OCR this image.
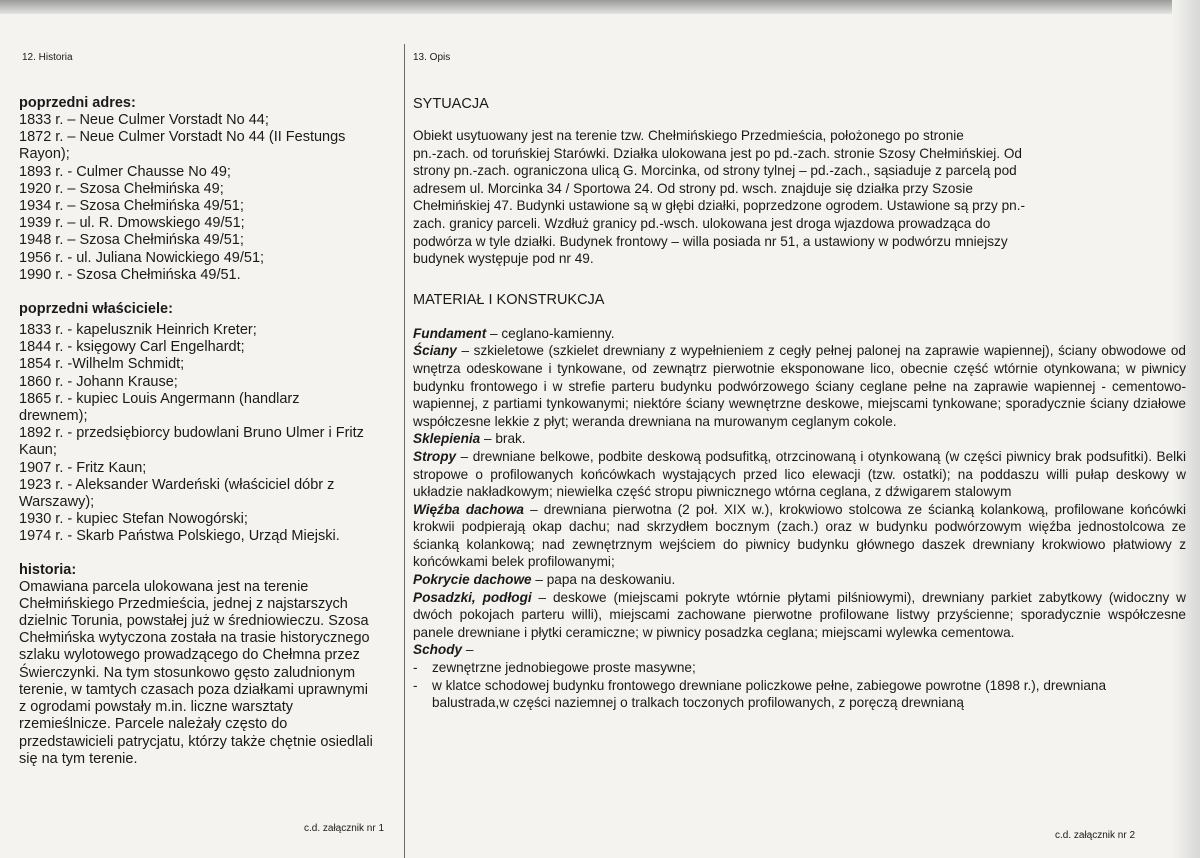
12. Historia
poprzedni adres:
1833 r. – Neue Culmer Vorstadt No 44;
1872 r. – Neue Culmer Vorstadt No 44 (II Festungs
Rayon);
1893 r. - Culmer Chausse No 49;
1920 r. – Szosa Chełmińska 49;
1934 r. – Szosa Chełmińska 49/51;
1939 r. – ul. R. Dmowskiego 49/51;
1948 r. – Szosa Chełmińska 49/51;
1956 r. - ul. Juliana Nowickiego 49/51;
1990 r. - Szosa Chełmińska 49/51.
poprzedni właściciele:
1833 r. - kapelusznik Heinrich Kreter;
1844 r. - księgowy Carl Engelhardt;
1854 r. -Wilhelm Schmidt;
1860 r. - Johann Krause;
1865 r. - kupiec Louis Angermann (handlarz
drewnem);
1892 r. - przedsiębiorcy budowlani Bruno Ulmer i Fritz
Kaun;
1907 r. - Fritz Kaun;
1923 r. - Aleksander Wardeński (właściciel dóbr z
Warszawy);
1930 r. - kupiec Stefan Nowogórski;
1974 r. - Skarb Państwa Polskiego, Urząd Miejski.
historia:
Omawiana parcela ulokowana jest na terenie
Chełmińskiego Przedmieścia, jednej z najstarszych
dzielnic Torunia, powstałej już w średniowieczu. Szosa
Chełmińska wytyczona została na trasie historycznego
szlaku wylotowego prowadzącego do Chełmna przez
Świerczynki. Na tym stosunkowo gęsto zaludnionym
terenie, w tamtych czasach poza działkami uprawnymi
z ogrodami powstały m.in. liczne warsztaty
rzemieślnicze. Parcele należały często do
przedstawicieli patrycjatu, którzy także chętnie osiedlali
się na tym terenie.
c.d. załącznik nr 1
13. Opis

SYTUACJA

Obiekt usytuowany jest na terenie tzw. Chełmińskiego Przedmieścia, położonego po stronie

pn.-zach. od toruńskiej Starówki. Działka ulokowana jest po pd.-zach. stronie Szosy Chełmińskiej. Od

strony pn.-zach. ograniczona ulicą G. Morcinka, od strony tylnej – pd.-zach., sąsiaduje z parcelą pod

adresem ul. Morcinka 34 / Sportowa 24. Od strony pd. wsch. znajduje się działka przy Szosie

Chełmińskiej 47. Budynki ustawione są w głębi działki, poprzedzone ogrodem. Ustawione są przy pn.-

zach. granicy parceli. Wzdłuż granicy pd.-wsch. ulokowana jest droga wjazdowa prowadząca do

podwórza w tyle działki. Budynek frontowy – willa posiada nr 51, a ustawiony w podwórzu mniejszy

budynek występuje pod nr 49.

MATERIAŁ I KONSTRUKCJA

Fundament – ceglano-kamienny.

Ściany – szkieletowe (szkielet drewniany z wypełnieniem z cegły pełnej palonej na zaprawie wapiennej), ściany obwodowe od wnętrza odeskowane i tynkowane, od zewnątrz pierwotnie eksponowane lico, obecnie część wtórnie otynkowana; w piwnicy budynku frontowego i w strefie parteru budynku podwórzowego ściany ceglane pełne na zaprawie wapiennej - cementowo-wapiennej, z partiami tynkowanymi; niektóre ściany wewnętrzne deskowe, miejscami tynkowane; sporadycznie ściany działowe współczesne lekkie z płyt; weranda drewniana na murowanym ceglanym cokole.

Sklepienia – brak.

Stropy – drewniane belkowe, podbite deskową podsufitką, otrzcinowaną i otynkowaną (w części piwnicy brak podsufitki). Belki stropowe o profilowanych końcówkach wystających przed lico elewacji (tzw. ostatki); na poddaszu willi pułap deskowy w układzie nakładkowym; niewielka część stropu piwnicznego wtórna ceglana, z dźwigarem stalowym

Więźba dachowa – drewniana pierwotna (2 poł. XIX w.), krokwiowo stolcowa ze ścianką kolankową, profilowane końcówki krokwii podpierają okap dachu; nad skrzydłem bocznym (zach.) oraz w budynku podwórzowym więźba jednostolcowa ze ścianką kolankową; nad zewnętrznym wejściem do piwnicy budynku głównego daszek drewniany krokwiowo płatwiowy z końcówkami belek profilowanymi;

Pokrycie dachowe – papa na deskowaniu.

Posadzki, podłogi – deskowe (miejscami pokryte wtórnie płytami pilśniowymi), drewniany parkiet zabytkowy (widoczny w dwóch pokojach parteru willi), miejscami zachowane pierwotne profilowane listwy przyścienne; sporadycznie współczesne panele drewniane i płytki ceramiczne; w piwnicy posadzka ceglana; miejscami wylewka cementowa.

Schody –

- zewnętrzne jednobiegowe proste masywne;
- w klatce schodowej budynku frontowego drewniane policzkowe pełne, zabiegowe powrotne (1898 r.), drewniana balustrada,w części naziemnej o tralkach toczonych profilowanych, z poręczą drewnianą
c.d. załącznik nr 2
